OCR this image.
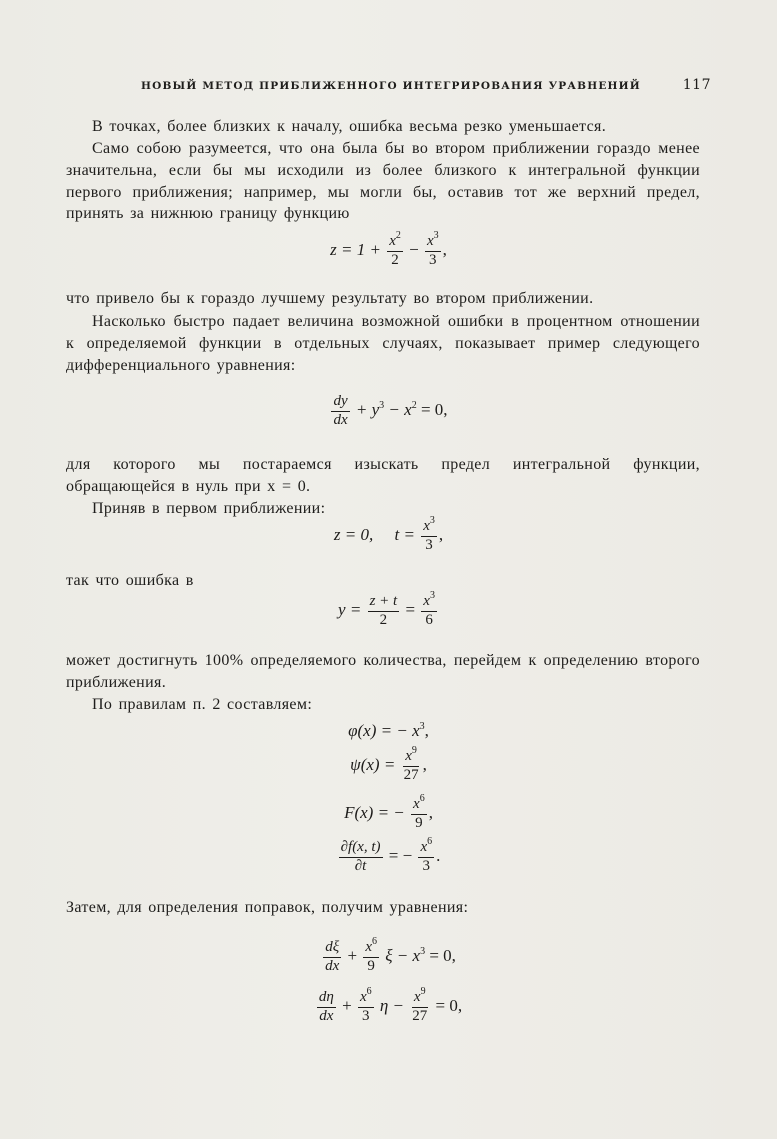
НОВЫЙ МЕТОД ПРИБЛИЖЕННОГО ИНТЕГРИРОВАНИЯ УРАВНЕНИЙ	117
В точках, более близких к началу, ошибка весьма резко уменьшается.
Само собою разумеется, что она была бы во втором приближении гораздо менее значительна, если бы мы исходили из более близкого к интегральной функции первого приближения; например, мы могли бы, оставив тот же верхний предел, принять за нижнюю границу функцию
$z = 1 + \frac{x^2}{2} - \frac{x^3}{3}$ ,
что привело бы к гораздо лучшему результату во втором приближении.
Насколько быстро падает величина возможной ошибки в процентном отношении к определяемой функции в отдельных случаях, показывает пример следующего дифференциального уравнения:
$\frac{dy}{dx} + y^3 - x^2 = 0$,
для которого мы постараемся изыскать предел интегральной функции, обращающейся в нуль при x = 0.
Приняв в первом приближении:
z = 0, $t = \frac{x^3}{3}$ ,
так что ошибка в
$y = \frac{z + t}{2} = \frac{x^3}{6}$
может достигнуть 100% определяемого количества, перейдем к определению второго приближения.
По правилам п. 2 составляем:
φ(x) = − $x^3$,
$\psi(x) = \frac{x^9}{27}$ ,
F(x) = − $\frac{x^6}{9}$ ,
$\frac{\partial f(x, t)}{\partial t}$ = − $\frac{x^6}{3}$ .
Затем, для определения поправок, получим уравнения:
$\frac{d\xi}{dx} + \frac{x^6}{9}$ $\xi - x^3 = 0$,
$\frac{d\eta}{dx} + \frac{x^6}{3}$ $\eta - \frac{x^9}{27} = 0$,
